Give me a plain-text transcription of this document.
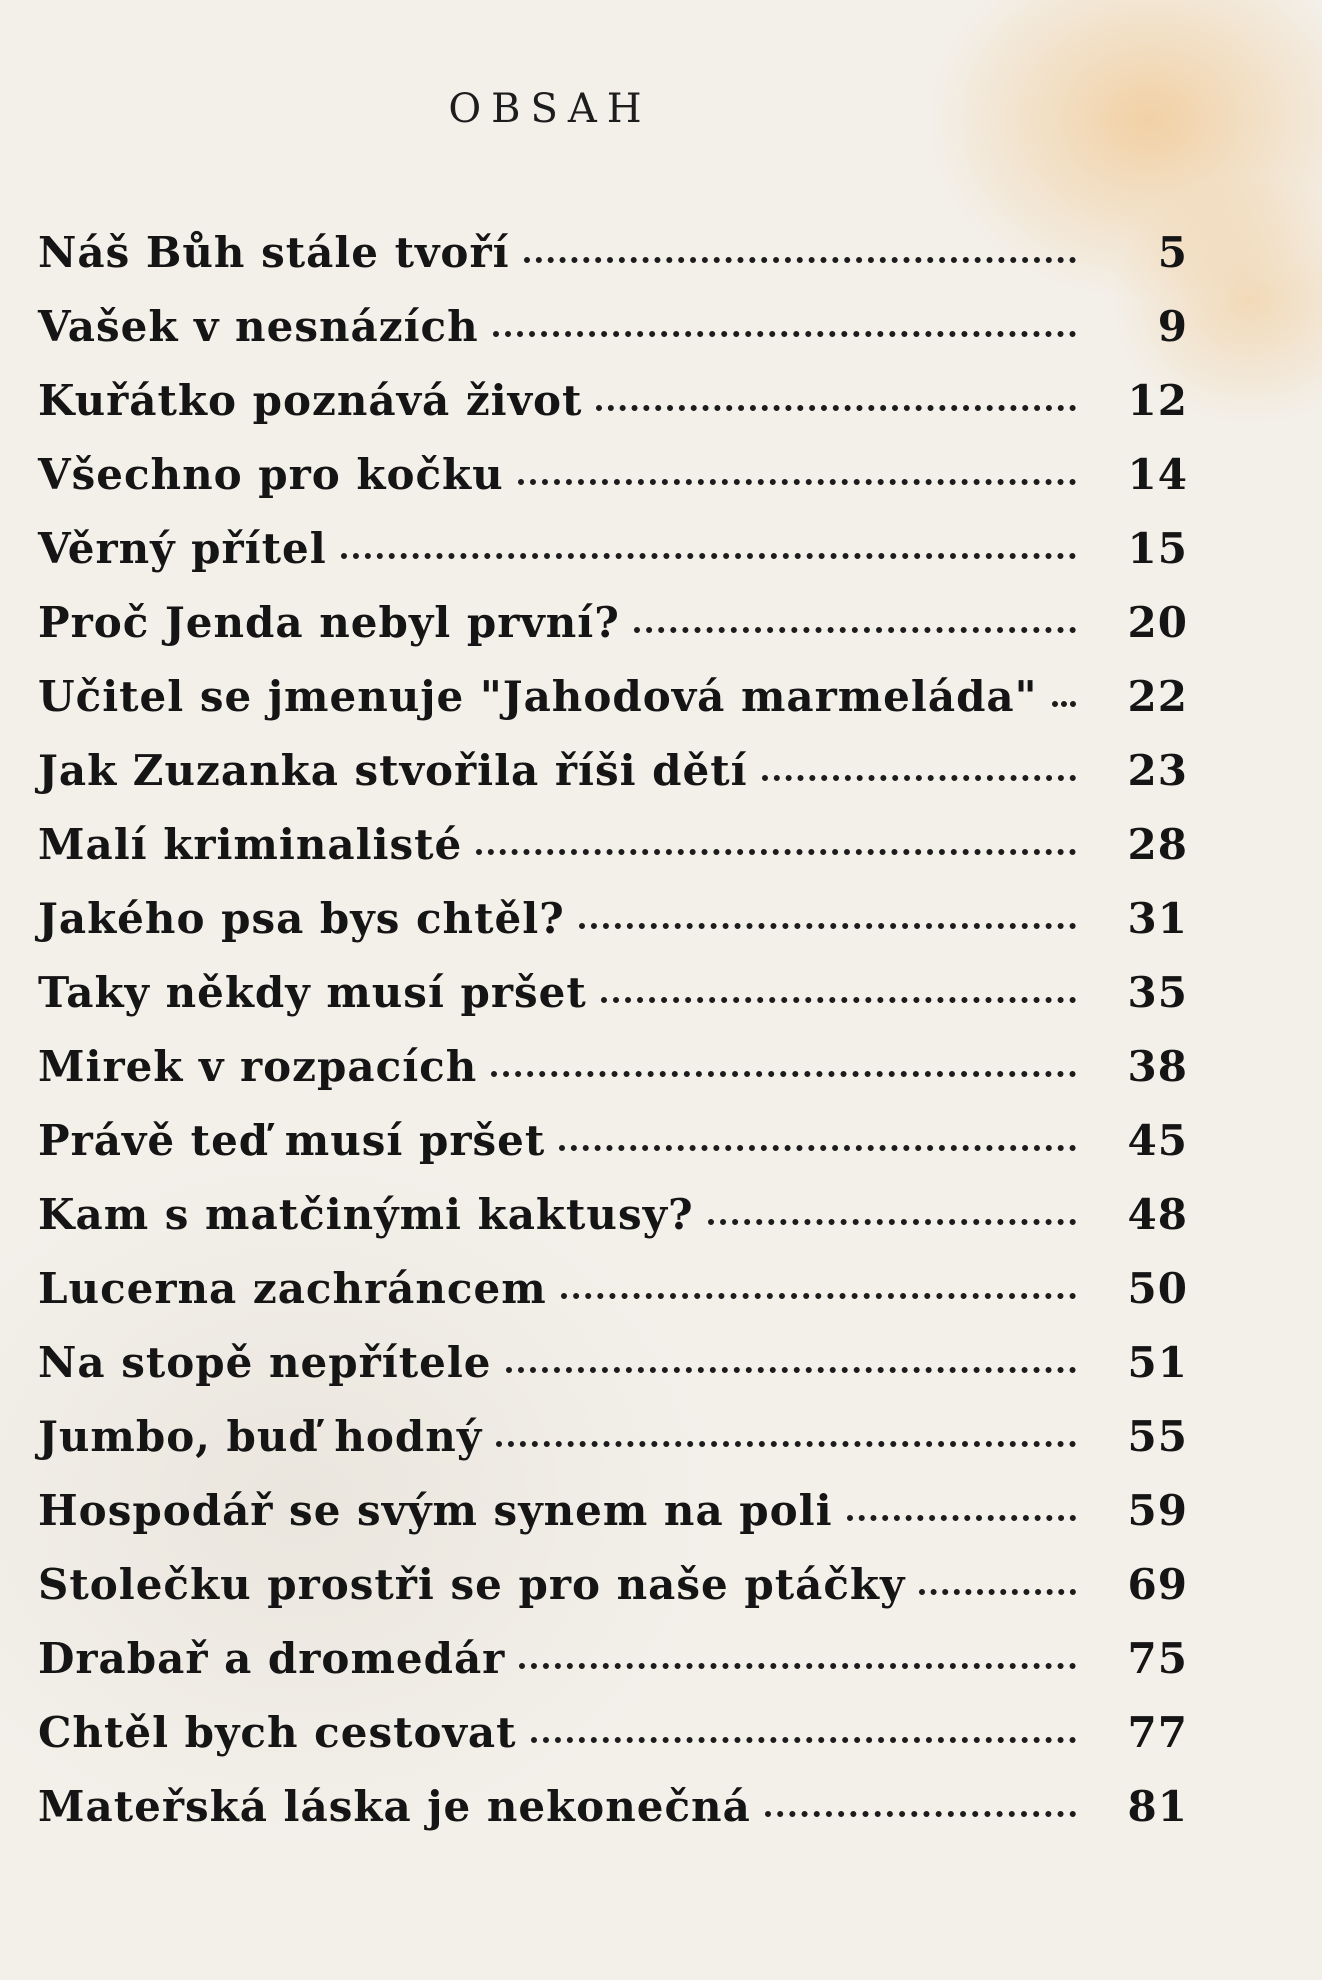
OBSAH
Náš Bůh stále tvoří	5
Vašek v nesnázích	9
Kuřátko poznává život	12
Všechno pro kočku	14
Věrný přítel	15
Proč Jenda nebyl první?	20
Učitel se jmenuje "Jahodová marmeláda"	22
Jak Zuzanka stvořila říši dětí	23
Malí kriminalisté	28
Jakého psa bys chtěl?	31
Taky někdy musí pršet	35
Mirek v rozpacích	38
Právě teď musí pršet	45
Kam s matčinými kaktusy?	48
Lucerna zachráncem	50
Na stopě nepřítele	51
Jumbo, buď hodný	55
Hospodář se svým synem na poli	59
Stolečku prostři se pro naše ptáčky	69
Drabař a dromedár	75
Chtěl bych cestovat	77
Mateřská láska je nekonečná	81
